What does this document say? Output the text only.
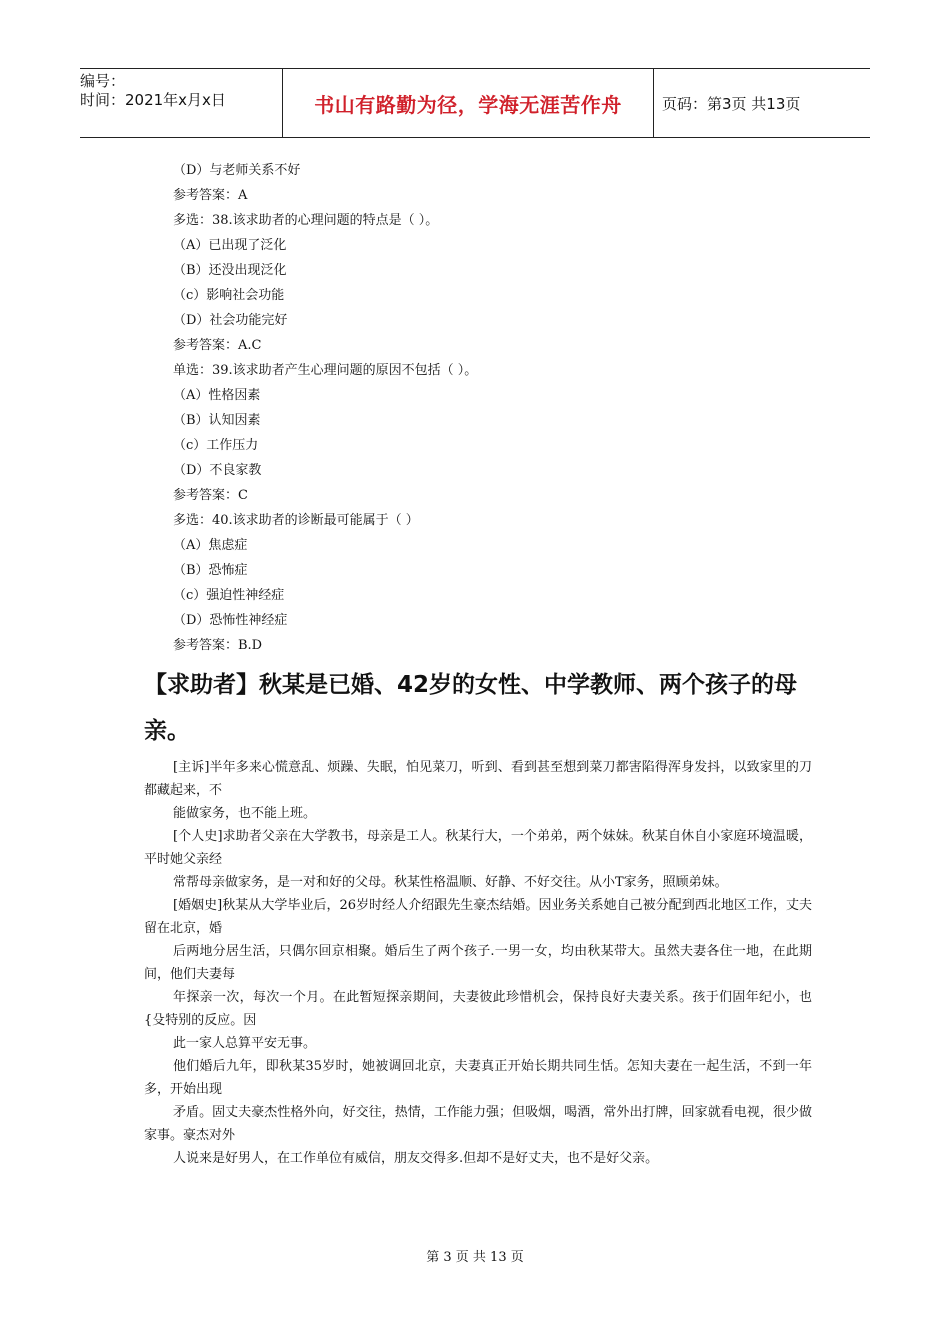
编号：
时间：2021年x月x日	书山有路勤为径，学海无涯苦作舟	页码：第3页 共13页
（D）与老师关系不好
参考答案：A
多选：38.该求助者的心理问题的特点是（ ）。
（A）已出现了泛化
（B）还没出现泛化
（c）影响社会功能
（D）社会功能完好
参考答案：A.C
单选：39.该求助者产生心理问题的原因不包括（ ）。
（A）性格因素
（B）认知因素
（c）工作压力
（D）不良家教
参考答案：C
多选：40.该求助者的诊断最可能属于（ ）
（A）焦虑症
（B）恐怖症
（c）强迫性神经症
（D）恐怖性神经症
参考答案：B.D
【求助者】秋某是已婚、42岁的女性、中学教师、两个孩子的母亲。
[主诉]半年多来心慌意乱、烦躁、失眠，怕见菜刀，听到、看到甚至想到菜刀都害陷得浑身发抖，以致家里的刀都藏起来，不
能做家务，也不能上班。
[个人史]求助者父亲在大学教书，母亲是工人。秋某行大，一个弟弟，两个妹妹。秋某自休自小家庭环境温暖，平时她父亲经
常帮母亲做家务，是一对和好的父母。秋某性格温顺、好静、不好交往。从小T家务，照顾弟妹。
[婚姻史]秋某从大学毕业后，26岁时经人介绍跟先生豪杰结婚。因业务关系她自己被分配到西北地区工作，丈夫留在北京，婚
后两地分居生活，只偶尔回京相聚。婚后生了两个孩子.一男一女，均由秋某带大。虽然夫妻各住一地，在此期间，他们夫妻每
年探亲一次，每次一个月。在此暂短探亲期间，夫妻彼此珍惜机会，保持良好夫妻关系。孩于们固年纪小，也{殳特别的反应。因
此一家人总算平安无事。
他们婚后九年，即秋某35岁时，她被调回北京，夫妻真正开始长期共同生恬。怎知夫妻在一起生活，不到一年多，开始出现
矛盾。固丈夫豪杰性格外向，好交往，热情，工作能力强；但吸烟，喝酒，常外出打牌，回家就看电视，很少做家事。豪杰对外
人说来是好男人，在工作单位有威信，朋友交得多.但却不是好丈夫，也不是好父亲。
第 3 页 共 13 页
